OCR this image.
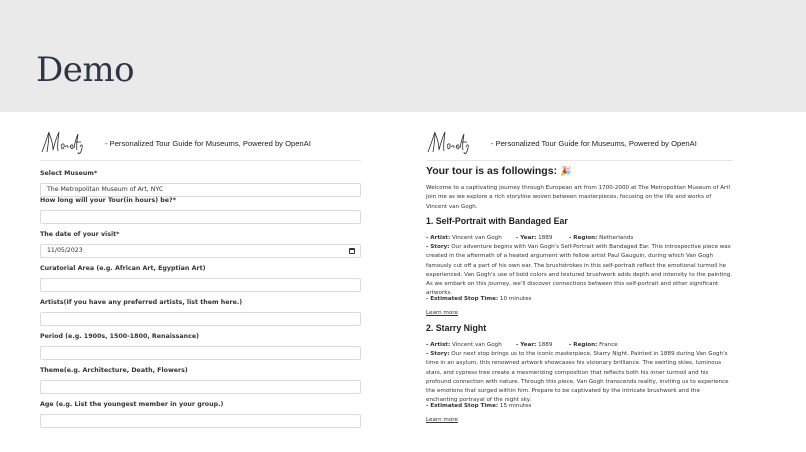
Demo
- Personalized Tour Guide for Museums, Powered by OpenAI
Select Museum*
The Metropolitan Museum of Art, NYC
How long will your Tour(in hours) be?*
The date of your visit*
11/05/2023
Curatorial Area (e.g. African Art, Egyptian Art)
Artists(If you have any preferred artists, list them here.)
Period (e.g. 1900s, 1500-1800, Renaissance)
Theme(e.g. Architecture, Death, Flowers)
Age (e.g. List the youngest member in your group.)
- Personalized Tour Guide for Museums, Powered by OpenAI
Your tour is as followings: 🎉

Welcome to a captivating journey through European art from 1700-2000 at The Metropolitan Museum of Art! Join me as we explore a rich storyline woven between masterpieces, focusing on the life and works of Vincent van Gogh.

1. Self-Portrait with Bandaged Ear
- Artist: Vincent van Gogh	- Year: 1889	- Region: Netherlands

- Story: Our adventure begins with Van Gogh's Self-Portrait with Bandaged Ear. This introspective piece was created in the aftermath of a heated argument with fellow artist Paul Gauguin, during which Van Gogh famously cut off a part of his own ear. The brushstrokes in this self-portrait reflect the emotional turmoil he experienced. Van Gogh's use of bold colors and textured brushwork adds depth and intensity to the painting. As we embark on this journey, we'll discover connections between this self-portrait and other significant artworks.

- Estimated Stop Time: 10 minutes
Learn more
2. Starry Night
- Artist: Vincent van Gogh	- Year: 1889	- Region: France

- Story: Our next stop brings us to the iconic masterpiece, Starry Night. Painted in 1889 during Van Gogh's time in an asylum, this renowned artwork showcases his visionary brilliance. The swirling skies, luminous stars, and cypress tree create a mesmerizing composition that reflects both his inner turmoil and his profound connection with nature. Through this piece, Van Gogh transcends reality, inviting us to experience the emotions that surged within him. Prepare to be captivated by the intricate brushwork and the enchanting portrayal of the night sky.

- Estimated Stop Time: 15 minutes
Learn more
